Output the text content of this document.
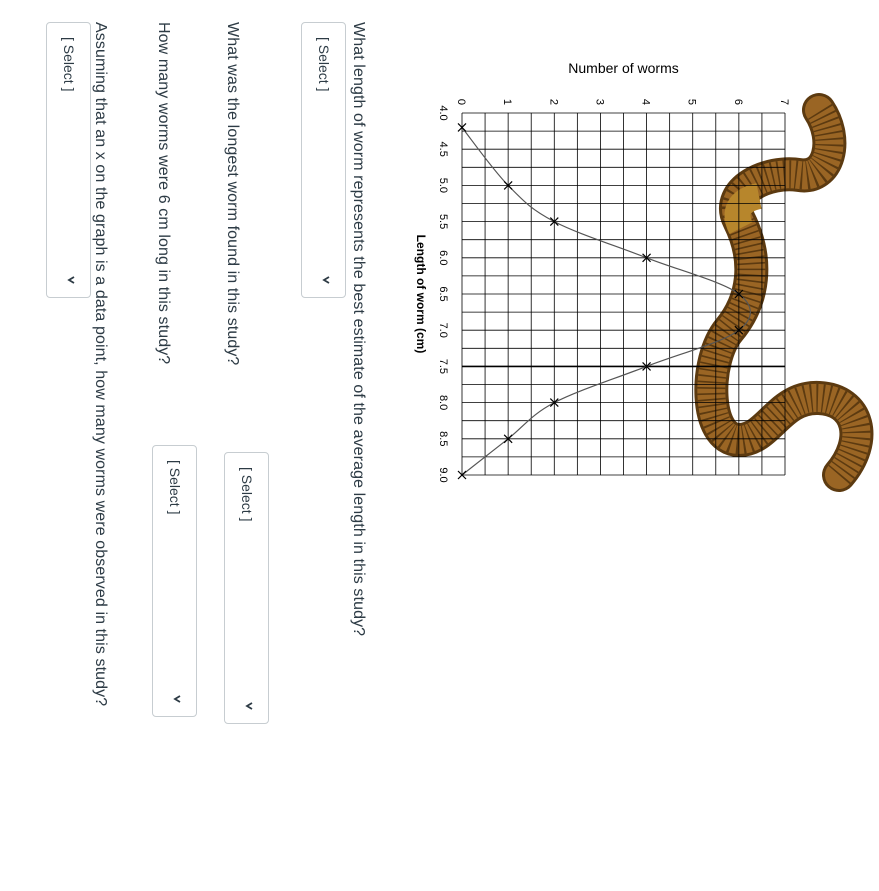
4.0
4.5
5.0
5.5
6.0
6.5
7.0
7.5
8.0
8.5
9.0
0	1	2	3	4	5	6	7
Number of worms
Length of worm (cm)
What length of worm represents the best estimate of the average length in this study?
[ Select ]
What was the longest worm found in this study?
[ Select ]
How many worms were 6 cm long in this study?
[ Select ]
Assuming that an x on the graph is a data point, how many worms were observed in this study?
[ Select ]
